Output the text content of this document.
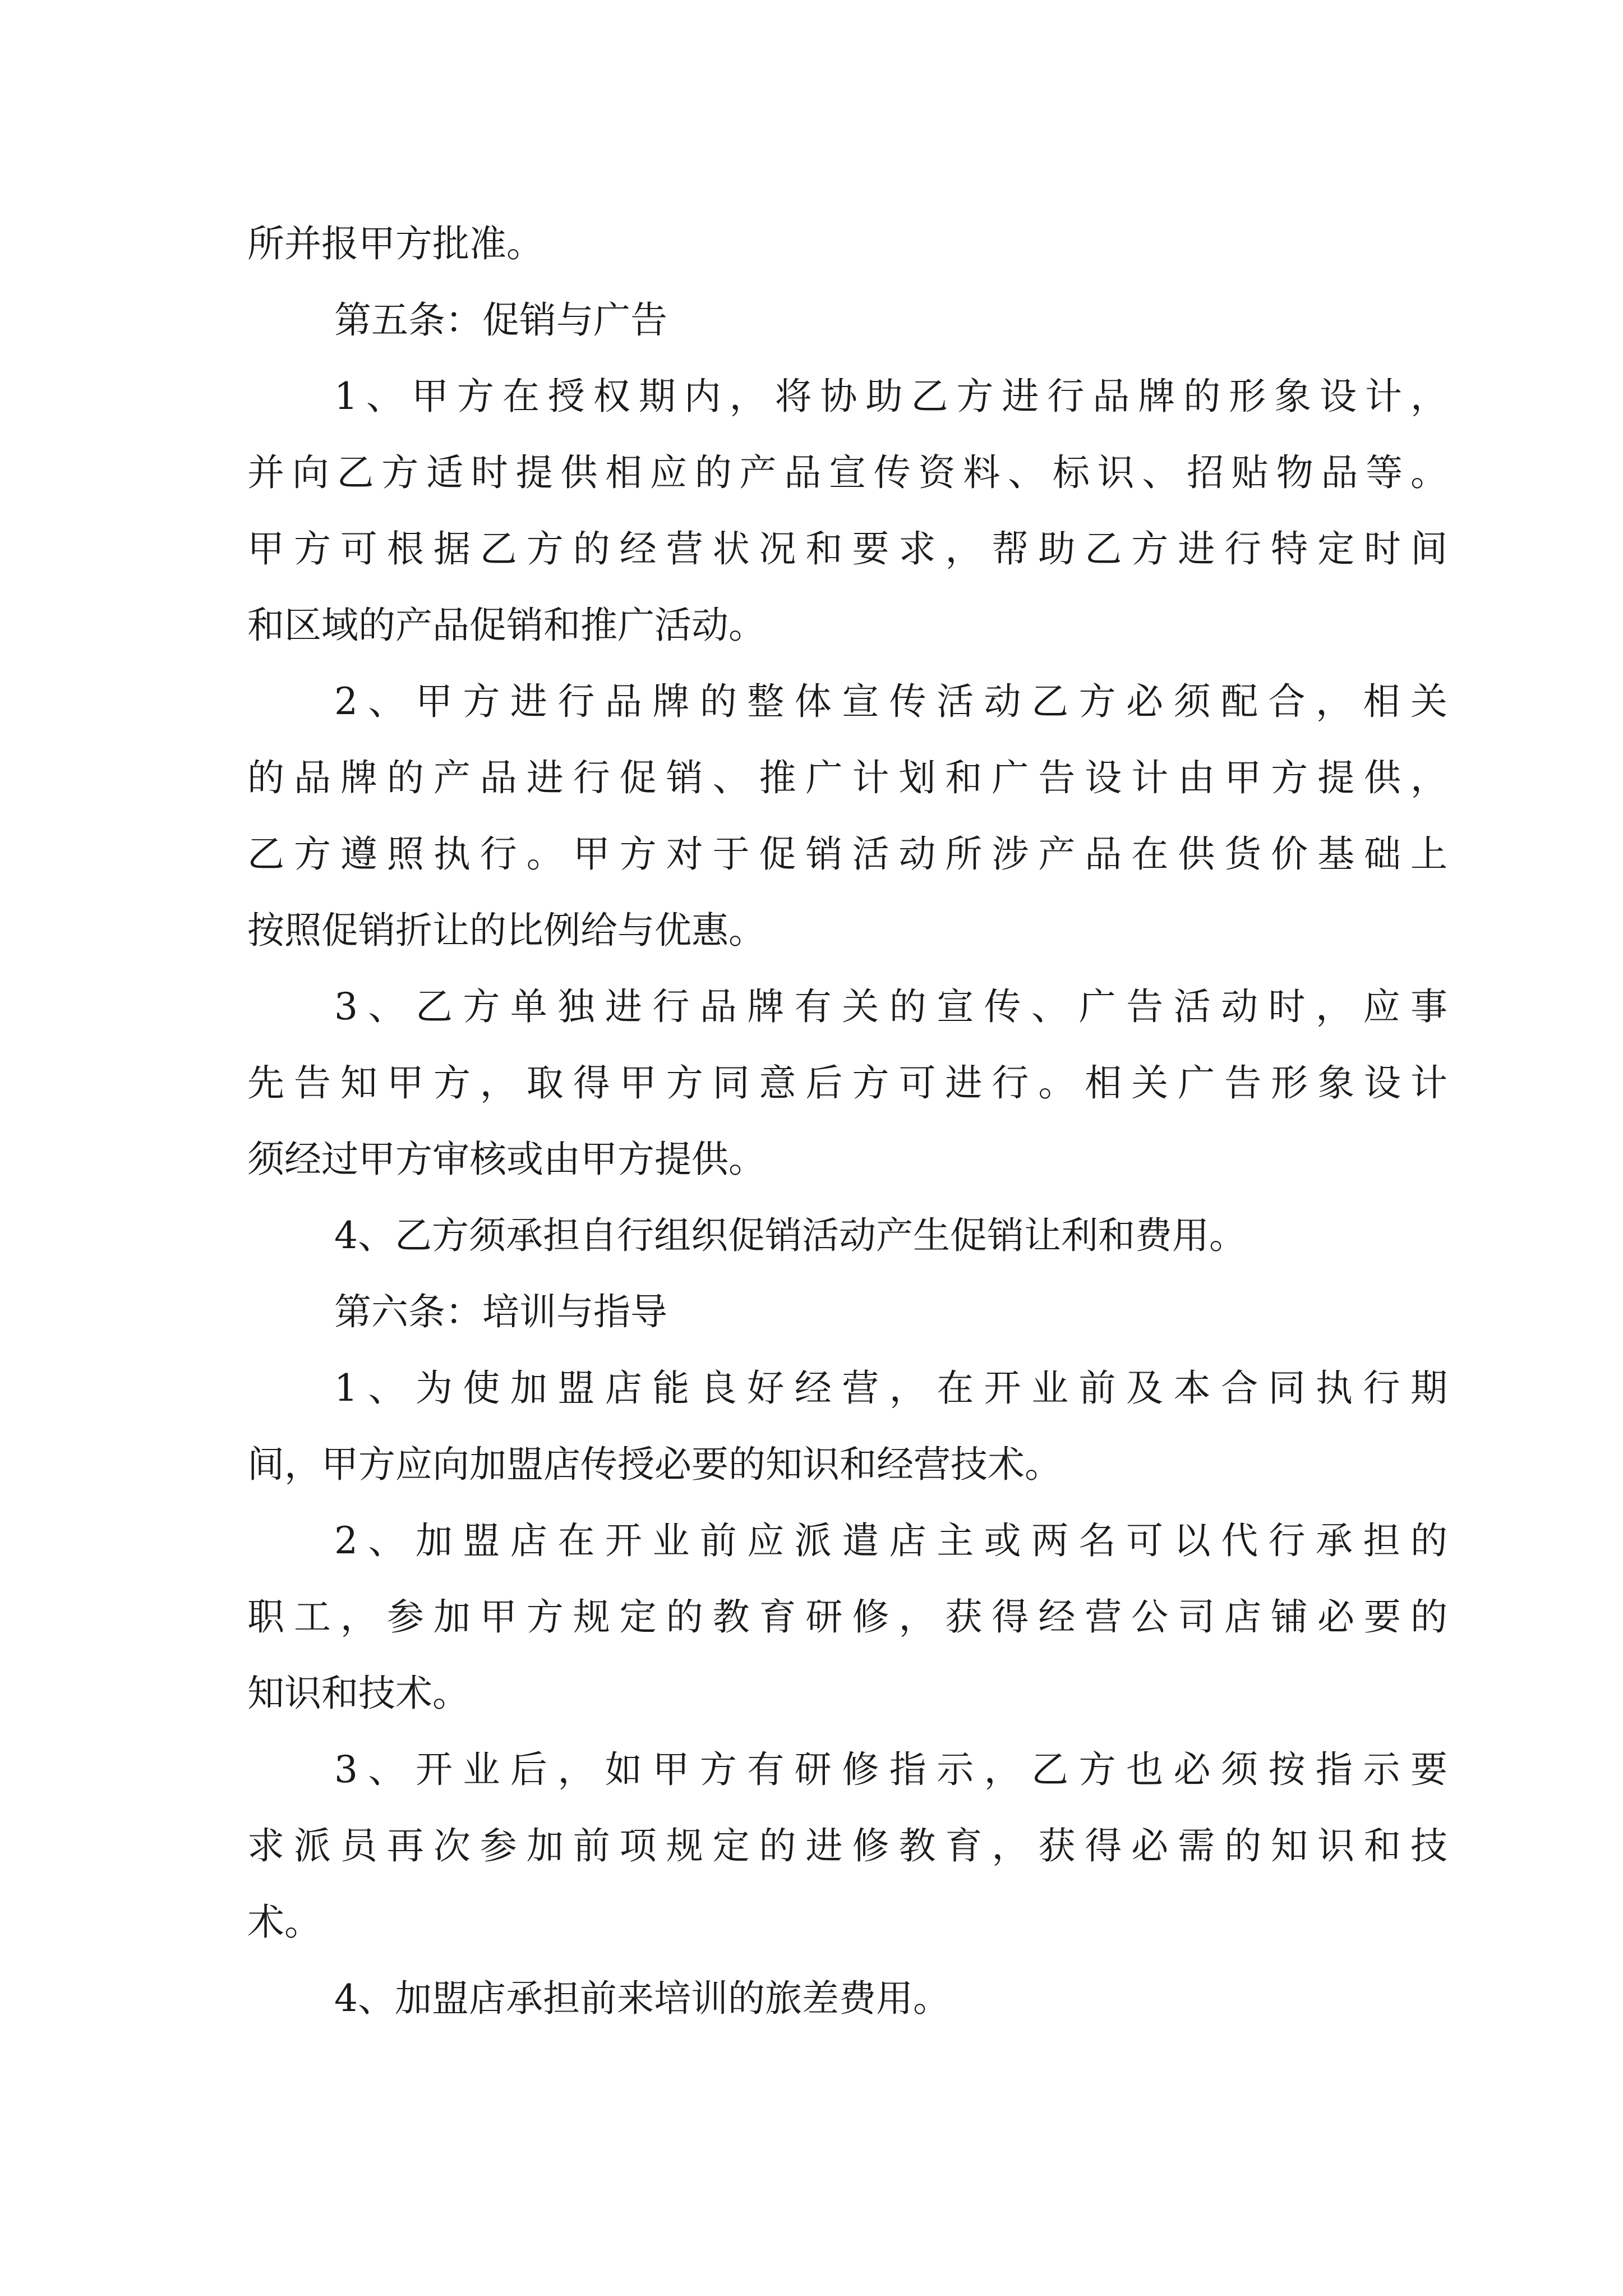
所并报甲方批准。
第五条：促销与广告
1、甲方在授权期内，将协助乙方进行品牌的形象设计，
并向乙方适时提供相应的产品宣传资料、标识、招贴物品等。
甲方可根据乙方的经营状况和要求，帮助乙方进行特定时间
和区域的产品促销和推广活动。
2、甲方进行品牌的整体宣传活动乙方必须配合，相关
的品牌的产品进行促销、推广计划和广告设计由甲方提供，
乙方遵照执行。甲方对于促销活动所涉产品在供货价基础上
按照促销折让的比例给与优惠。
3、乙方单独进行品牌有关的宣传、广告活动时，应事
先告知甲方，取得甲方同意后方可进行。相关广告形象设计
须经过甲方审核或由甲方提供。
4、乙方须承担自行组织促销活动产生促销让利和费用。
第六条：培训与指导
1、为使加盟店能良好经营，在开业前及本合同执行期
间，甲方应向加盟店传授必要的知识和经营技术。
2、加盟店在开业前应派遣店主或两名可以代行承担的
职工，参加甲方规定的教育研修，获得经营公司店铺必要的
知识和技术。
3、开业后，如甲方有研修指示，乙方也必须按指示要
求派员再次参加前项规定的进修教育，获得必需的知识和技
术。
4、加盟店承担前来培训的旅差费用。
